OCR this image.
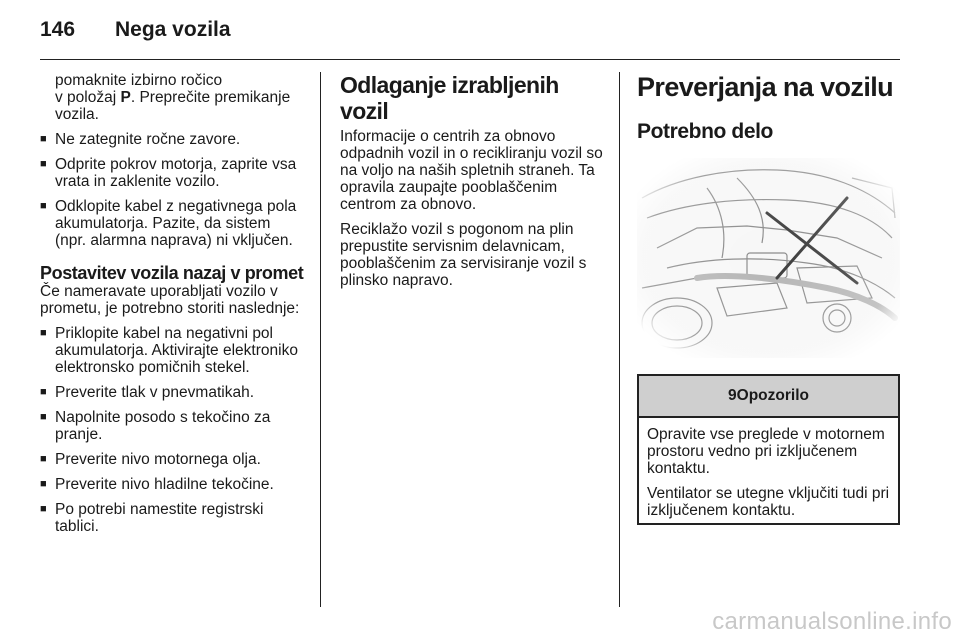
146 Nega vozila

pomaknite izbirno ročico

v položaj P. Preprečite premikanje

vozila.

■ Ne zategnite ročne zavore.
■ Odprite pokrov motorja, zaprite vsa vrata in zaklenite vozilo.
■ Odklopite kabel z negativnega pola akumulatorja. Pazite, da sistem (npr. alarmna naprava) ni vključen.
Postavitev vozila nazaj v promet

Če nameravate uporabljati vozilo v prometu, je potrebno storiti naslednje:

■ Priklopite kabel na negativni pol akumulatorja. Aktivirajte elektroniko elektronsko pomičnih stekel.
■ Preverite tlak v pnevmatikah.
■ Napolnite posodo s tekočino za pranje.
■ Preverite nivo motornega olja.
■ Preverite nivo hladilne tekočine.
■ Po potrebi namestite registrski tablici.
Odlaganje izrabljenih vozil

Informacije o centrih za obnovo odpadnih vozil in o recikliranju vozil so na voljo na naših spletnih straneh. Ta opravila zaupajte pooblaščenim centrom za obnovo.

Reciklažo vozil s pogonom na plin prepustite servisnim delavnicam, pooblaščenim za servisiranje vozil s plinsko napravo.

Preverjanja na vozilu
Potrebno delo
9Opozorilo

Opravite vse preglede v motornem prostoru vedno pri izključenem kontaktu.

Ventilator se utegne vključiti tudi pri izključenem kontaktu.

carmanualsonline.info
